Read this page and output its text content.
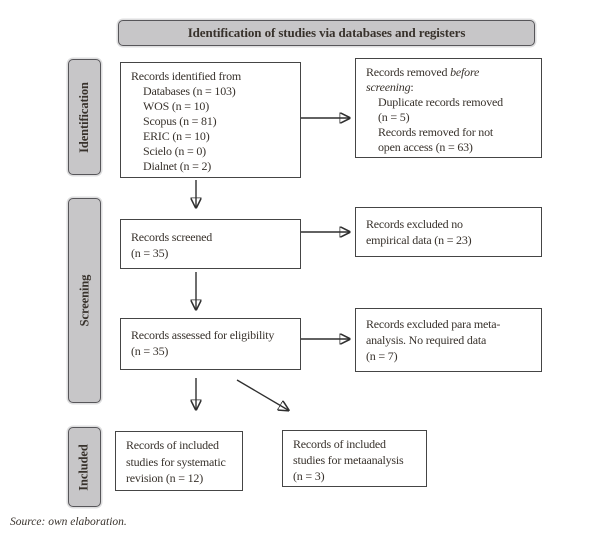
Identification of studies via databases and registers
Identification
Screening
Included
Records identified from
Databases (n = 103)
WOS (n = 10)
Scopus (n = 81)
ERIC (n = 10)
Scielo (n = 0)
Dialnet (n = 2)
Records removed before
screening:
Duplicate records removed
(n = 5)
Records removed for not
open access (n = 63)
Records screened
(n = 35)
Records excluded no
empirical data (n = 23)
Records assessed for eligibility
(n = 35)
Records excluded para meta-
analysis. No required data
(n = 7)
Records of included
studies for systematic
revision (n = 12)
Records of included
studies for metaanalysis
(n = 3)
Source: own elaboration.
